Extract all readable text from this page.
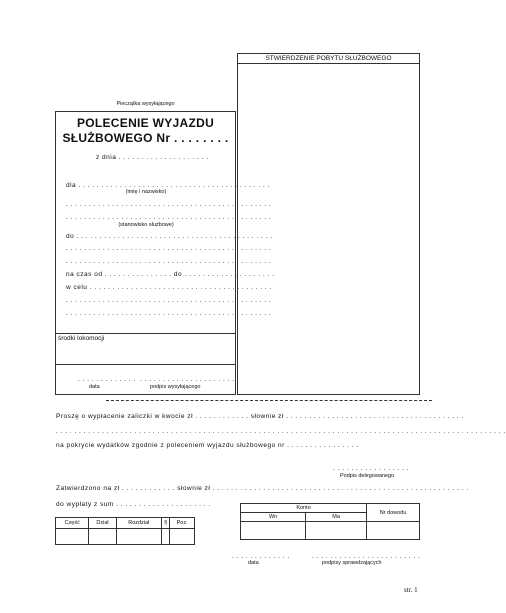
Pieczątka wysyłającego
POLECENIE WYJAZDU
SŁUŻBOWEGO Nr . . . . . . . .
z dnia . . . . . . . . . . . . . . . . . . . .
dla . . . . . . . . . . . . . . . . . . . . . . . . . . . . . . . . . . . . . . . . . .
(imię i nazwisko)
. . . . . . . . . . . . . . . . . . . . . . . . . . . . . . . . . . . . . . . . . . . . .
. . . . . . . . . . . . . . . . . . . . . . . . . . . . . . . . . . . . . . . . . . . . .
(stanowisko służbowe)
do . . . . . . . . . . . . . . . . . . . . . . . . . . . . . . . . . . . . . . . . . . .
. . . . . . . . . . . . . . . . . . . . . . . . . . . . . . . . . . . . . . . . . . . . .
. . . . . . . . . . . . . . . . . . . . . . . . . . . . . . . . . . . . . . . . . . . . .
na czas od . . . . . . . . . . . . . . . do . . . . . . . . . . . . . . . . . . . .
w celu . . . . . . . . . . . . . . . . . . . . . . . . . . . . . . . . . . . . . . . .
. . . . . . . . . . . . . . . . . . . . . . . . . . . . . . . . . . . . . . . . . . . . .
. . . . . . . . . . . . . . . . . . . . . . . . . . . . . . . . . . . . . . . . . . . . .
środki lokomocji
. . . . . . . . . . . . . . . . . . . . . . . . . . . . . . . . . .
data	podpis wysyłającego
STWIERDZENIE POBYTU SŁUŻBOWEGO
Proszę o wypłacenie zaliczki w kwocie zł . . . . . . . . . . . . słownie zł . . . . . . . . . . . . . . . . . . . . . . . . . . . . . . . . . . . . . . .
. . . . . . . . . . . . . . . . . . . . . . . . . . . . . . . . . . . . . . . . . . . . . . . . . . . . . . . . . . . . . . . . . . . . . . . . . . . . . . . . . . . . . . . . . . . . . . . . . .
na pokrycie wydatków zgodnie z poleceniem wyjazdu służbowego nr . . . . . . . . . . . . . . . .
. . . . . . . . . . . . . . . . .
Podpis delegowanego
Zatwierdzono na zł . . . . . . . . . . . . słownie zł . . . . . . . . . . . . . . . . . . . . . . . . . . . . . . . . . . . . . . . . . . . . . . . . . . . . . . . .
do wypłaty z sum . . . . . . . . . . . . . . . . . . . . .
Część	Dział	Rozdział	§	Poz.

Konto		Nr dowodu
Wn	Ma	

. . . . . . . . . . . . .	. . . . . . . . . . . . . . . . . . . . . . . .
data	podpisy sprawdzających
str. 1
